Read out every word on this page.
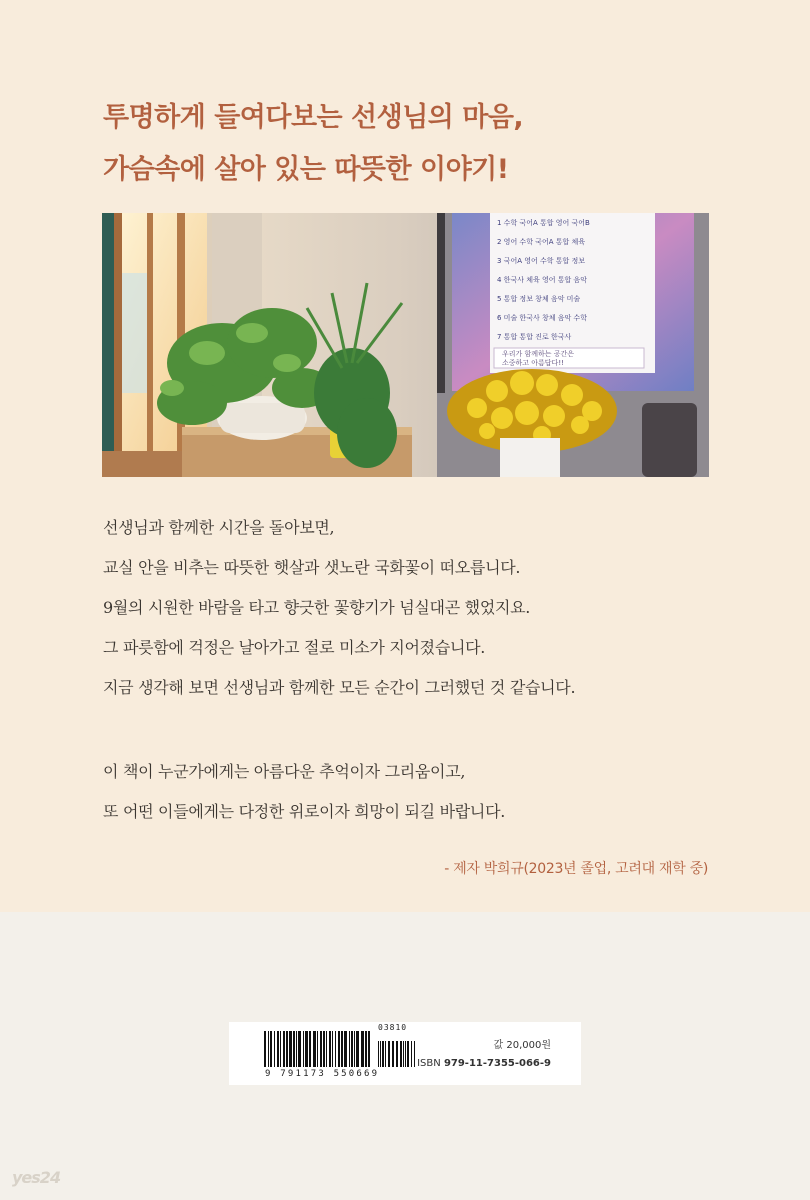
투명하게 들여다보는 선생님의 마음,
가슴속에 살아 있는 따뜻한 이야기!
1 수학 국어A 통합 영어 국어B
2 영어 수학 국어A 통합 체육
3 국어A 영어 수학 통합 정보
4 한국사 체육 영어 통합 음악
5 통합 정보 창체 음악 미술
6 미술 한국사 창체 음악 수학
7 통합 통합 진로 한국사
우리가 함께하는 공간은
소중하고 아름답다!!

선생님과 함께한 시간을 돌아보면,

교실 안을 비추는 따뜻한 햇살과 샛노란 국화꽃이 떠오릅니다.

9월의 시원한 바람을 타고 향긋한 꽃향기가 넘실대곤 했었지요.

그 파릇함에 걱정은 날아가고 절로 미소가 지어졌습니다.

지금 생각해 보면 선생님과 함께한 모든 순간이 그러했던 것 같습니다.

이 책이 누군가에게는 아름다운 추억이자 그리움이고,

또 어떤 이들에게는 다정한 위로이자 희망이 되길 바랍니다.

- 제자 박희규(2023년 졸업, 고려대 재학 중)
9 791173 550669
03810
값 20,000원
ISBN 979-11-7355-066-9
yes24
